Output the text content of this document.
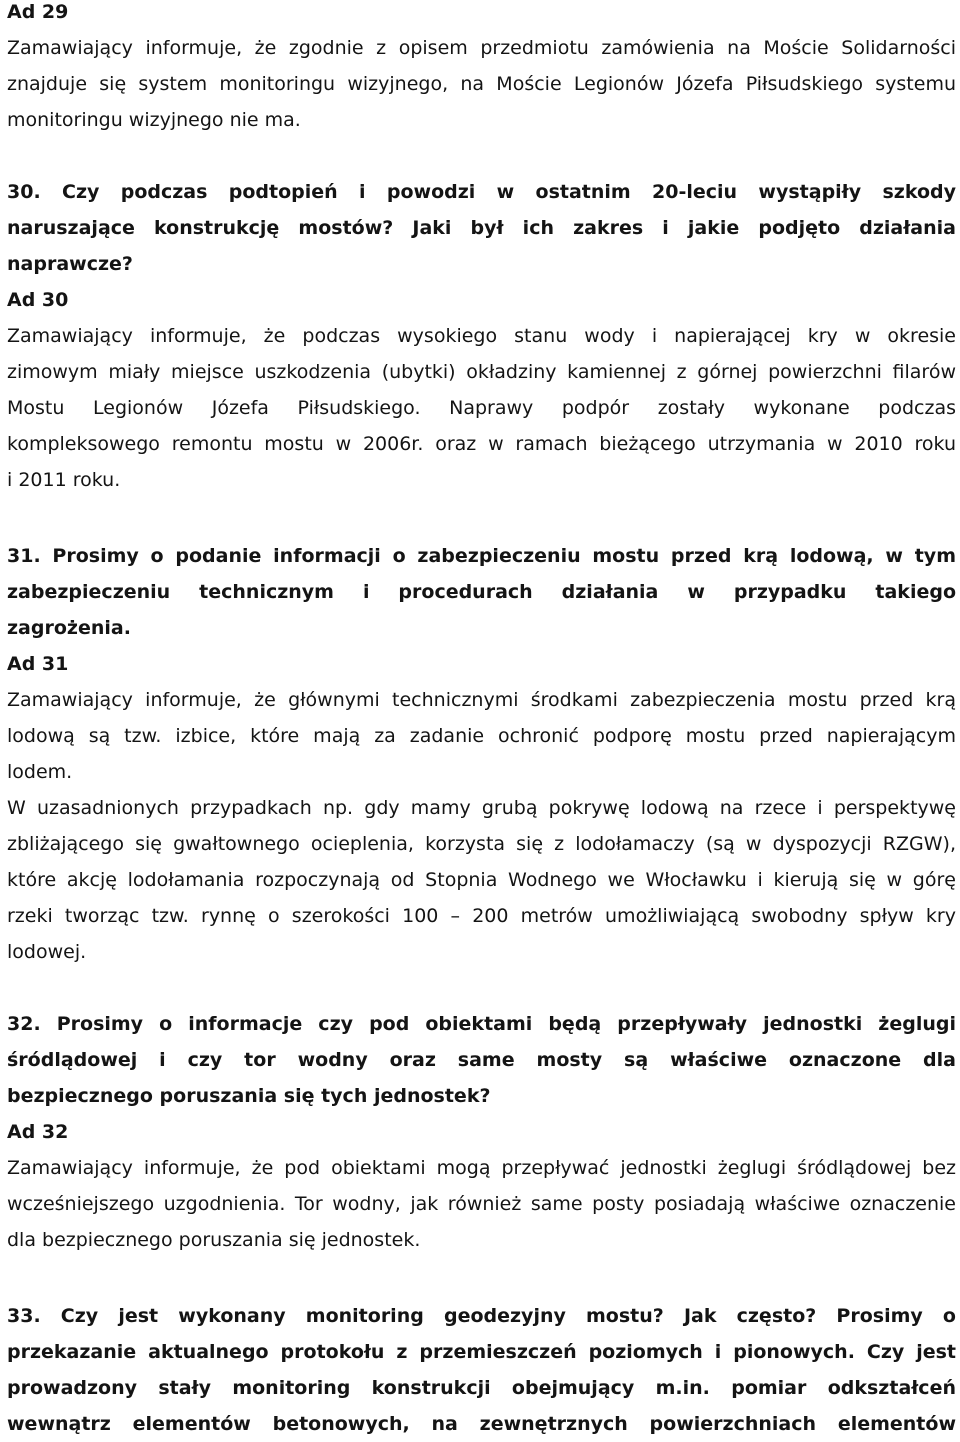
Ad 29
Zamawiający informuje, że zgodnie z opisem przedmiotu zamówienia na Moście Solidarności
znajduje się system monitoringu wizyjnego, na Moście Legionów Józefa Piłsudskiego systemu
monitoringu wizyjnego nie ma.
30. Czy podczas podtopień i powodzi w ostatnim 20-leciu wystąpiły szkody
naruszające konstrukcję mostów? Jaki był ich zakres i jakie podjęto działania
naprawcze?
Ad 30
Zamawiający informuje, że podczas wysokiego stanu wody i napierającej kry w okresie
zimowym miały miejsce uszkodzenia (ubytki) okładziny kamiennej z górnej powierzchni filarów
Mostu Legionów Józefa Piłsudskiego. Naprawy podpór zostały wykonane podczas
kompleksowego remontu mostu w 2006r. oraz w ramach bieżącego utrzymania w 2010 roku
i 2011 roku.
31. Prosimy o podanie informacji o zabezpieczeniu mostu przed krą lodową, w tym
zabezpieczeniu technicznym i procedurach działania w przypadku takiego
zagrożenia.
Ad 31
Zamawiający informuje, że głównymi technicznymi środkami zabezpieczenia mostu przed krą
lodową są tzw. izbice, które mają za zadanie ochronić podporę mostu przed napierającym
lodem.
W uzasadnionych przypadkach np. gdy mamy grubą pokrywę lodową na rzece i perspektywę
zbliżającego się gwałtownego ocieplenia, korzysta się z lodołamaczy (są w dyspozycji RZGW),
które akcję lodołamania rozpoczynają od Stopnia Wodnego we Włocławku i kierują się w górę
rzeki tworząc tzw. rynnę o szerokości 100 – 200 metrów umożliwiającą swobodny spływ kry
lodowej.
32. Prosimy o informacje czy pod obiektami będą przepływały jednostki żeglugi
śródlądowej i czy tor wodny oraz same mosty są właściwe oznaczone dla
bezpiecznego poruszania się tych jednostek?
Ad 32
Zamawiający informuje, że pod obiektami mogą przepływać jednostki żeglugi śródlądowej bez
wcześniejszego uzgodnienia. Tor wodny, jak również same posty posiadają właściwe oznaczenie
dla bezpiecznego poruszania się jednostek.
33. Czy jest wykonany monitoring geodezyjny mostu? Jak często? Prosimy o
przekazanie aktualnego protokołu z przemieszczeń poziomych i pionowych. Czy jest
prowadzony stały monitoring konstrukcji obejmujący m.in. pomiar odkształceń
wewnątrz elementów betonowych, na zewnętrznych powierzchniach elementów
